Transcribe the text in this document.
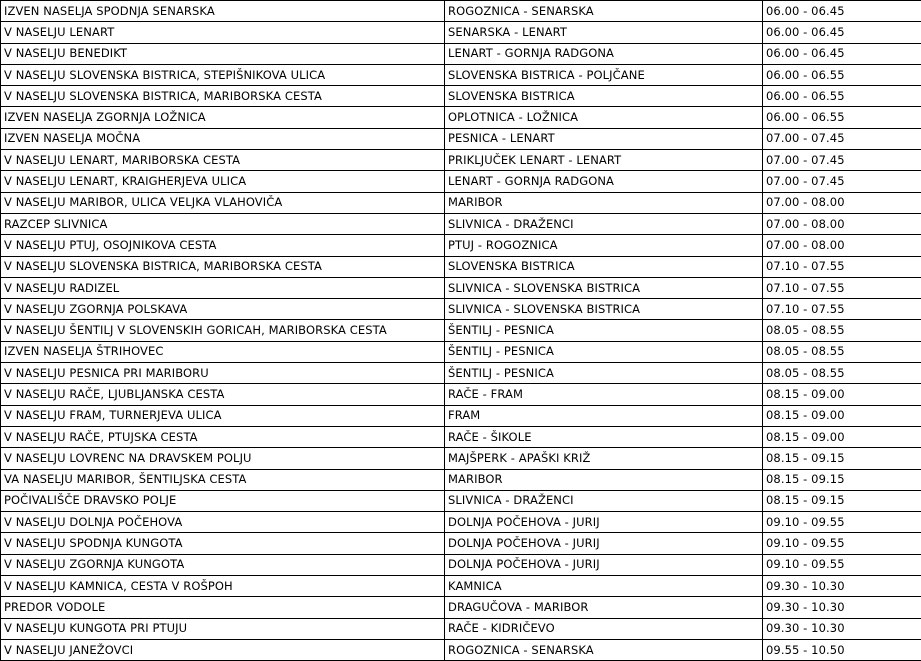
IZVEN NASELJA SPODNJA SENARSKA	ROGOZNICA - SENARSKA	06.00 - 06.45
V NASELJU LENART	SENARSKA - LENART	06.00 - 06.45
V NASELJU BENEDIKT	LENART - GORNJA RADGONA	06.00 - 06.45
V NASELJU SLOVENSKA BISTRICA, STEPIŠNIKOVA ULICA	SLOVENSKA BISTRICA - POLJČANE	06.00 - 06.55
V NASELJU SLOVENSKA BISTRICA, MARIBORSKA CESTA	SLOVENSKA BISTRICA	06.00 - 06.55
IZVEN NASELJA ZGORNJA LOŽNICA	OPLOTNICA - LOŽNICA	06.00 - 06.55
IZVEN NASELJA MOČNA	PESNICA - LENART	07.00 - 07.45
V NASELJU LENART, MARIBORSKA CESTA	PRIKLJUČEK LENART - LENART	07.00 - 07.45
V NASELJU LENART, KRAIGHERJEVA ULICA	LENART - GORNJA RADGONA	07.00 - 07.45
V NASELJU MARIBOR, ULICA VELJKA VLAHOVIČA	MARIBOR	07.00 - 08.00
RAZCEP SLIVNICA	SLIVNICA - DRAŽENCI	07.00 - 08.00
V NASELJU PTUJ, OSOJNIKOVA CESTA	PTUJ - ROGOZNICA	07.00 - 08.00
V NASELJU SLOVENSKA BISTRICA, MARIBORSKA CESTA	SLOVENSKA BISTRICA	07.10 - 07.55
V NASELJU RADIZEL	SLIVNICA - SLOVENSKA BISTRICA	07.10 - 07.55
V NASELJU ZGORNJA POLSKAVA	SLIVNICA - SLOVENSKA BISTRICA	07.10 - 07.55
V NASELJU ŠENTILJ V SLOVENSKIH GORICAH, MARIBORSKA CESTA	ŠENTILJ - PESNICA	08.05 - 08.55
IZVEN NASELJA ŠTRIHOVEC	ŠENTILJ - PESNICA	08.05 - 08.55
V NASELJU PESNICA PRI MARIBORU	ŠENTILJ - PESNICA	08.05 - 08.55
V NASELJU RAČE, LJUBLJANSKA CESTA	RAČE - FRAM	08.15 - 09.00
V NASELJU FRAM, TURNERJEVA ULICA	FRAM	08.15 - 09.00
V NASELJU RAČE, PTUJSKA CESTA	RAČE - ŠIKOLE	08.15 - 09.00
V NASELJU LOVRENC NA DRAVSKEM POLJU	MAJŠPERK - APAŠKI KRIŽ	08.15 - 09.15
VA NASELJU MARIBOR, ŠENTILJSKA CESTA	MARIBOR	08.15 - 09.15
POČIVALIŠČE DRAVSKO POLJE	SLIVNICA - DRAŽENCI	08.15 - 09.15
V NASELJU DOLNJA POČEHOVA	DOLNJA POČEHOVA - JURIJ	09.10 - 09.55
V NASELJU SPODNJA KUNGOTA	DOLNJA POČEHOVA - JURIJ	09.10 - 09.55
V NASELJU ZGORNJA KUNGOTA	DOLNJA POČEHOVA - JURIJ	09.10 - 09.55
V NASELJU KAMNICA, CESTA V ROŠPOH	KAMNICA	09.30 - 10.30
PREDOR VODOLE	DRAGUČOVA - MARIBOR	09.30 - 10.30
V NASELJU KUNGOTA PRI PTUJU	RAČE - KIDRIČEVO	09.30 - 10.30
V NASELJU JANEŽOVCI	ROGOZNICA - SENARSKA	09.55 - 10.50
